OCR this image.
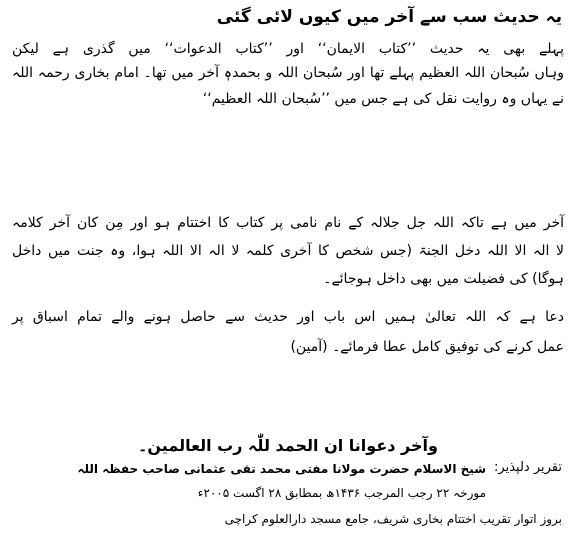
یہ حدیث سب سے آخر میں کیوں لائی گئی
پہلے بھی یہ حدیث ’’کتاب الایمان‘‘ اور ’’کتاب الدعوات‘‘ میں گذری ہے لیکن
وہاں سُبحان اللہ العظیم پہلے تھا اور سُبحان اللہ و بحمدہٖ آخر میں تھا۔ امام بخاری رحمہ اللہ
نے یہاں وہ روایت نقل کی ہے جس میں ’’سُبحان اللہ العظیم‘‘
آخر میں ہے تاکہ اللہ جل جلالہ کے نام نامی پر کتاب کا اختتام ہو اور مِن کان آخر کلامہ
لا الہ الا اللہ دخل الجنۃ (جس شخص کا آخری کلمہ لا الہ الا اللہ ہوا، وہ جنت میں داخل
ہوگا) کی فضیلت میں بھی داخل ہوجائے۔
دعا ہے کہ اللہ تعالیٰ ہمیں اس باب اور حدیث سے حاصل ہونے والے تمام اسباق پر
عمل کرنے کی توفیق کامل عطا فرمائے۔ (آمین)
وآخر دعوانا ان الحمد للّٰہ رب العالمین۔
تقریر دلپذیر:
شیخ الاسلام حضرت مولانا مفتی محمد تقی عثمانی صاحب حفظہ اللہ
مورخہ ۲۲ رجب المرجب ۱۴۳۶ھ بمطابق ۲۸ اگست ۲۰۰۵ء
بروز اتوار تقریب اختتام بخاری شریف، جامع مسجد دارالعلوم کراچی
